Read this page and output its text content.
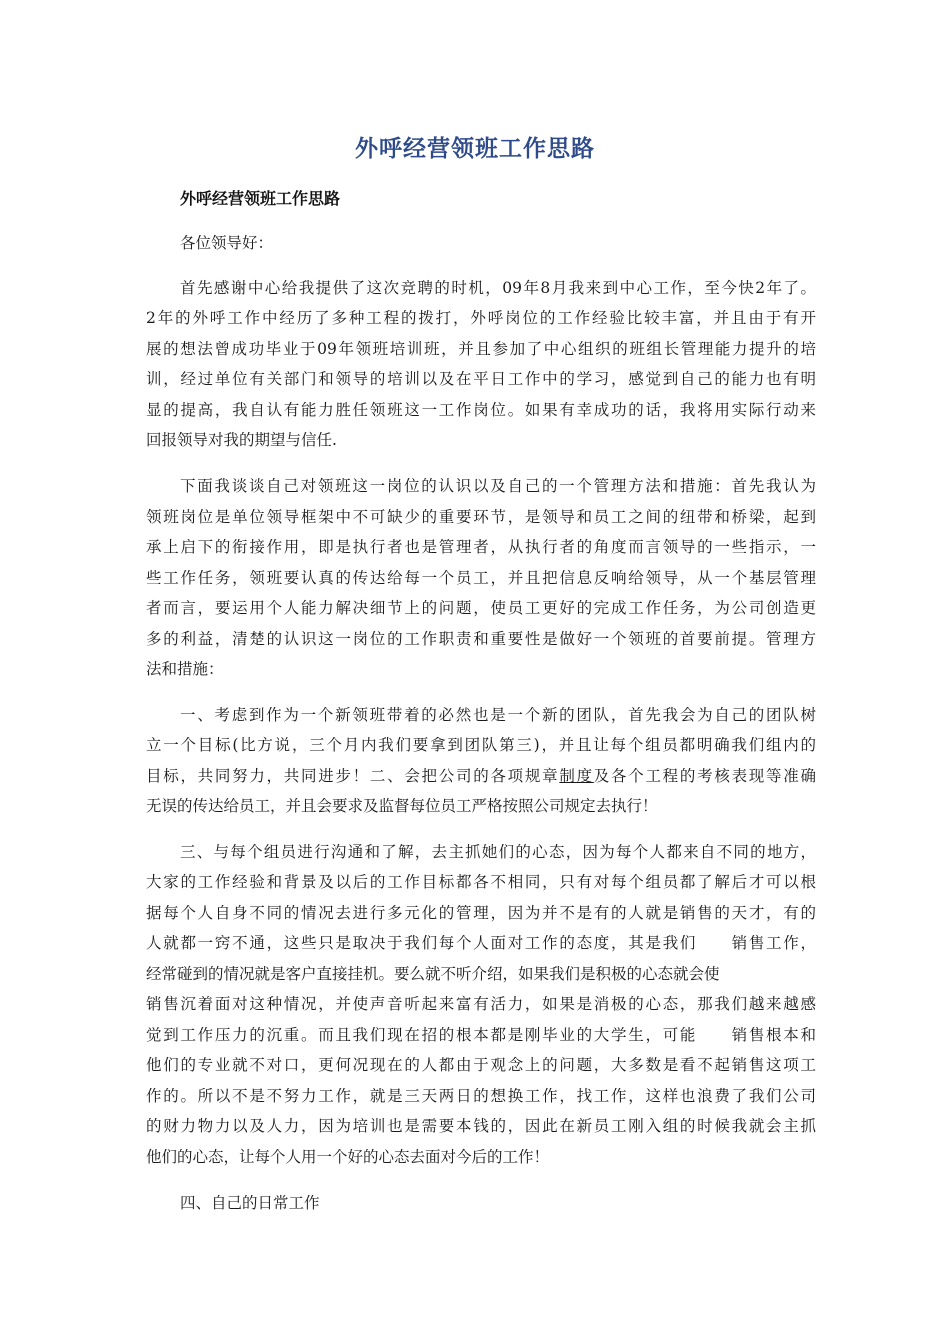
外呼经营领班工作思路
外呼经营领班工作思路
各位领导好：
首先感谢中心给我提供了这次竞聘的时机，09年8月我来到中心工作，至今快2年了。
2年的外呼工作中经历了多种工程的拨打，外呼岗位的工作经验比较丰富，并且由于有开
展的想法曾成功毕业于09年领班培训班，并且参加了中心组织的班组长管理能力提升的培
训，经过单位有关部门和领导的培训以及在平日工作中的学习，感觉到自己的能力也有明
显的提高，我自认有能力胜任领班这一工作岗位。如果有幸成功的话，我将用实际行动来
回报领导对我的期望与信任.
下面我谈谈自己对领班这一岗位的认识以及自己的一个管理方法和措施：首先我认为
领班岗位是单位领导框架中不可缺少的重要环节，是领导和员工之间的纽带和桥梁，起到
承上启下的衔接作用，即是执行者也是管理者，从执行者的角度而言领导的一些指示，一
些工作任务，领班要认真的传达给每一个员工，并且把信息反响给领导，从一个基层管理
者而言，要运用个人能力解决细节上的问题，使员工更好的完成工作任务，为公司创造更
多的利益，清楚的认识这一岗位的工作职责和重要性是做好一个领班的首要前提。管理方
法和措施：
一、考虑到作为一个新领班带着的必然也是一个新的团队，首先我会为自己的团队树
立一个目标(比方说，三个月内我们要拿到团队第三)，并且让每个组员都明确我们组内的
目标，共同努力，共同进步！二、会把公司的各项规章制度及各个工程的考核表现等准确
无误的传达给员工，并且会要求及监督每位员工严格按照公司规定去执行！
三、与每个组员进行沟通和了解，去主抓她们的心态，因为每个人都来自不同的地方，
大家的工作经验和背景及以后的工作目标都各不相同，只有对每个组员都了解后才可以根
据每个人自身不同的情况去进行多元化的管理，因为并不是有的人就是销售的天才，有的
人就都一窍不通，这些只是取决于我们每个人面对工作的态度，其是我们　　销售工作，
经常碰到的情况就是客户直接挂机。要么就不听介绍，如果我们是积极的心态就会使
销售沉着面对这种情况，并使声音听起来富有活力，如果是消极的心态，那我们越来越感
觉到工作压力的沉重。而且我们现在招的根本都是刚毕业的大学生，可能　　销售根本和
他们的专业就不对口，更何况现在的人都由于观念上的问题，大多数是看不起销售这项工
作的。所以不是不努力工作，就是三天两日的想换工作，找工作，这样也浪费了我们公司
的财力物力以及人力，因为培训也是需要本钱的，因此在新员工刚入组的时候我就会主抓
他们的心态，让每个人用一个好的心态去面对今后的工作！
四、自己的日常工作
